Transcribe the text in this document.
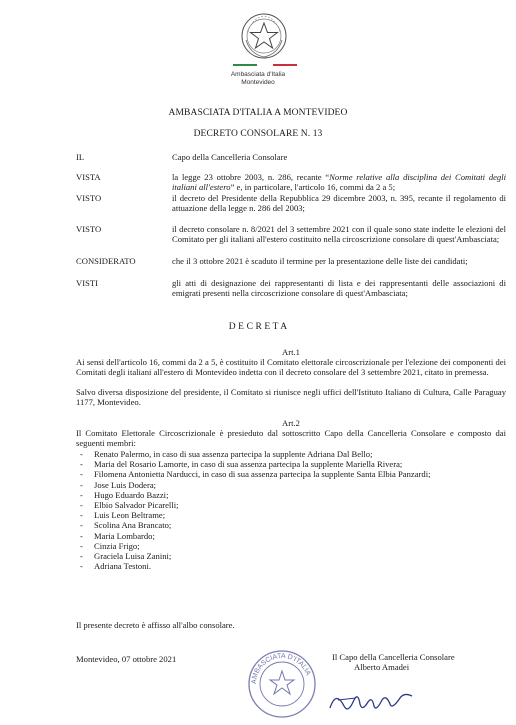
Ambasciata d'Italia
Montevideo
AMBASCIATA D'ITALIA A MONTEVIDEO
DECRETO CONSOLARE N. 13
IL	Capo della Cancelleria Consolare
VISTA	la legge 23 ottobre 2003, n. 286, recante “Norme relative alla disciplina dei Comitati degli italiani all'estero” e, in particolare, l'articolo 16, commi da 2 a 5;
VISTO	il decreto del Presidente della Repubblica 29 dicembre 2003, n. 395, recante il regolamento di attuazione della legge n. 286 del 2003;
VISTO	il decreto consolare n. 8/2021 del 3 settembre 2021 con il quale sono state indette le elezioni del Comitato per gli italiani all'estero costituito nella circoscrizione consolare di quest'Ambasciata;
CONSIDERATO	che il 3 ottobre 2021 è scaduto il termine per la presentazione delle liste dei candidati;
VISTI	gli atti di designazione dei rappresentanti di lista e dei rappresentanti delle associazioni di emigrati presenti nella circoscrizione consolare di quest'Ambasciata;
D E C R E T A
Art.1
Ai sensi dell'articolo 16, commi da 2 a 5, è costituito il Comitato elettorale circoscrizionale per l'elezione dei componenti dei Comitati degli italiani all'estero di Montevideo indetta con il decreto consolare del 3 settembre 2021, citato in premessa.
Salvo diversa disposizione del presidente, il Comitato si riunisce negli uffici dell'Istituto Italiano di Cultura, Calle Paraguay 1177, Montevideo.
Art.2
Il Comitato Elettorale Circoscrizionale è presieduto dal sottoscritto Capo della Cancelleria Consolare e composto dai seguenti membri:
- Renato Palermo, in caso di sua assenza partecipa la supplente Adriana Dal Bello;
- Maria del Rosario Lamorte, in caso di sua assenza partecipa la supplente Mariella Rivera;
- Filomena Antonietta Narducci, in caso di sua assenza partecipa la supplente Santa Elbia Panzardi;
- Jose Luis Dodera;
- Hugo Eduardo Bazzi;
- Elbio Salvador Picarelli;
- Luis Leon Beltrame;
- Scolina Ana Brancato;
- Maria Lombardo;
- Cinzia Frigo;
- Graciela Luisa Zanini;
- Adriana Testoni.
Il presente decreto è affisso all'albo consolare.
Montevideo, 07 ottobre 2021
AMBASCIATA D'ITALIA
Il Capo della Cancelleria Consolare
Alberto Amadei
